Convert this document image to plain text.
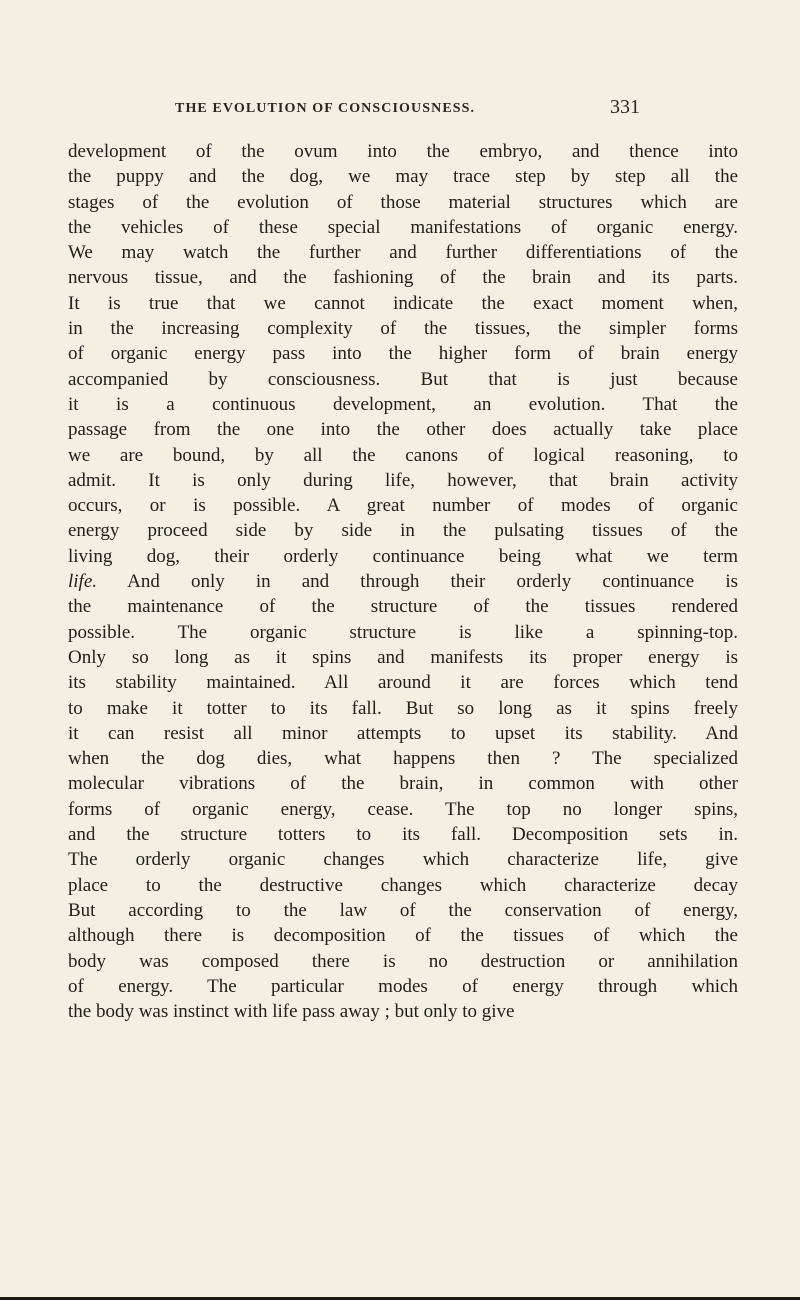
THE EVOLUTION OF CONSCIOUSNESS.	331
development of the ovum into the embryo, and thence into
the puppy and the dog, we may trace step by step all the
stages of the evolution of those material structures which are
the vehicles of these special manifestations of organic energy.
We may watch the further and further differentiations of the
nervous tissue, and the fashioning of the brain and its parts.
It is true that we cannot indicate the exact moment when,
in the increasing complexity of the tissues, the simpler forms
of organic energy pass into the higher form of brain energy
accompanied by consciousness. But that is just because
it is a continuous development, an evolution. That the
passage from the one into the other does actually take place
we are bound, by all the canons of logical reasoning, to
admit. It is only during life, however, that brain activity
occurs, or is possible. A great number of modes of organic
energy proceed side by side in the pulsating tissues of the
living dog, their orderly continuance being what we term
life. And only in and through their orderly continuance is
the maintenance of the structure of the tissues rendered
possible. The organic structure is like a spinning-top.
Only so long as it spins and manifests its proper energy is
its stability maintained. All around it are forces which tend
to make it totter to its fall. But so long as it spins freely
it can resist all minor attempts to upset its stability. And
when the dog dies, what happens then ? The specialized
molecular vibrations of the brain, in common with other
forms of organic energy, cease. The top no longer spins,
and the structure totters to its fall. Decomposition sets in.
The orderly organic changes which characterize life, give
place to the destructive changes which characterize decay
But according to the law of the conservation of energy,
although there is decomposition of the tissues of which the
body was composed there is no destruction or annihilation
of energy. The particular modes of energy through which
the body was instinct with life pass away ; but only to give
